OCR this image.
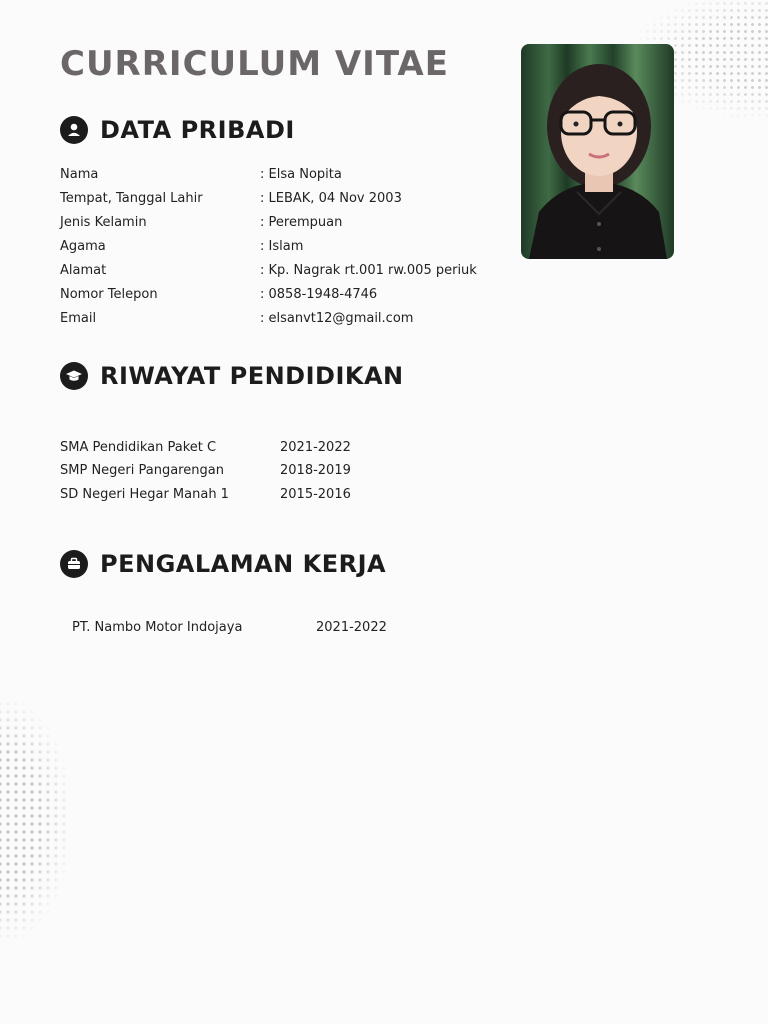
CURRICULUM VITAE
DATA PRIBADI
Nama	: Elsa Nopita
Tempat, Tanggal Lahir	: LEBAK, 04 Nov 2003
Jenis Kelamin	: Perempuan
Agama	: Islam
Alamat	: Kp. Nagrak rt.001 rw.005 periuk
Nomor Telepon	: 0858-1948-4746
Email	: elsanvt12@gmail.com
RIWAYAT PENDIDIKAN
SMA Pendidikan Paket C	2021-2022
SMP Negeri Pangarengan	2018-2019
SD Negeri Hegar Manah 1	2015-2016
PENGALAMAN KERJA
PT. Nambo Motor Indojaya	2021-2022
